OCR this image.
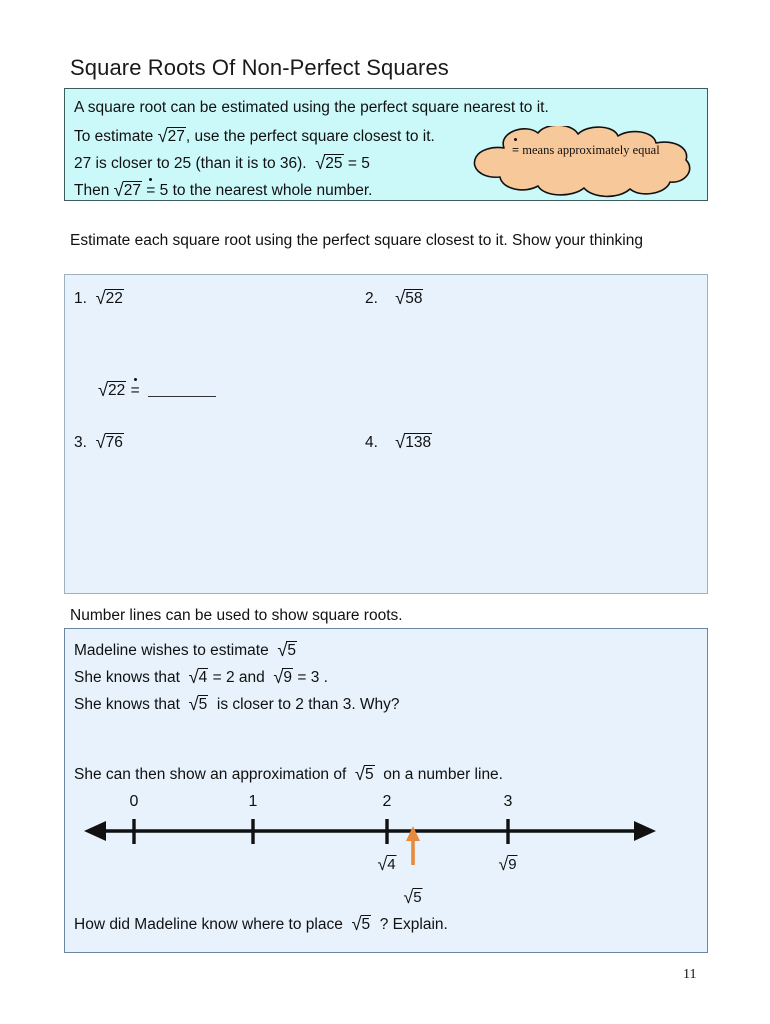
Square Roots Of Non-Perfect Squares
A square root can be estimated using the perfect square nearest to it.
To estimate √27, use the perfect square closest to it.
27 is closer to 25 (than it is to 36). √25 = 5
Then √27 = 5 to the nearest whole number.
= means approximately equal
Estimate each square root using the perfect square closest to it. Show your thinking
1. √22	2. √58
√22 =
3. √76	4. √138
Number lines can be used to show square roots.
Madeline wishes to estimate √5
She knows that √4 = 2 and √9 = 3 .
She knows that √5 is closer to 2 than 3. Why?
She can then show an approximation of √5 on a number line.
How did Madeline know where to place √5 ? Explain.
0	1	2	3
√4	√9
√5
11
